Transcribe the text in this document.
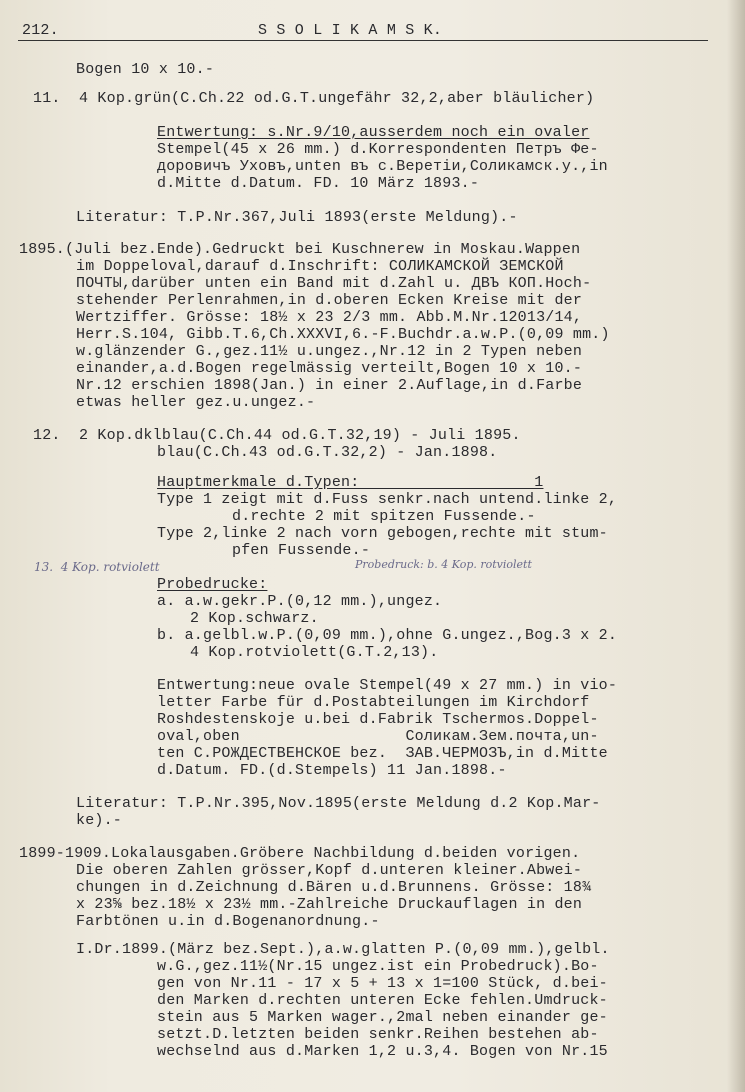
212.	S S O L I K A M S K.
Bogen 10 x 10.-
11.  4 Kop.grün(C.Ch.22 od.G.T.ungefähr 32,2,aber bläulicher)
Entwertung: s.Nr.9/10,ausserdem noch ein ovaler
Stempel(45 x 26 mm.) d.Korrespondenten Петръ Фе-
доровичъ Уховъ,unten въ с.Веретіи,Соликамск.у.,in
d.Mitte d.Datum. FD. 10 März 1893.-
Literatur: T.P.Nr.367,Juli 1893(erste Meldung).-
1895.(Juli bez.Ende).Gedruckt bei Kuschnerew in Moskau.Wappen
im Doppeloval,darauf d.Inschrift: СОЛИКАМСКОЙ ЗЕМСКОЙ
ПОЧТЫ,darüber unten ein Band mit d.Zahl u. ДВЪ КОП.Hoch-
stehender Perlenrahmen,in d.oberen Ecken Kreise mit der
Wertziffer. Grösse: 18½ x 23 2/3 mm. Abb.M.Nr.12013/14,
Herr.S.104, Gibb.T.6,Ch.XXXVI,6.-F.Buchdr.a.w.P.(0,09 mm.)
w.glänzender G.,gez.11½ u.ungez.,Nr.12 in 2 Typen neben
einander,a.d.Bogen regelmässig verteilt,Bogen 10 x 10.-
Nr.12 erschien 1898(Jan.) in einer 2.Auflage,in d.Farbe
etwas heller gez.u.ungez.-
12.  2 Kop.dklblau(C.Ch.44 od.G.T.32,19) - Juli 1895.
blau(C.Ch.43 od.G.T.32,2) - Jan.1898.
Hauptmerkmale d.Typen:                   1
Type 1 zeigt mit d.Fuss senkr.nach untend.linke 2,
d.rechte 2 mit spitzen Fussende.-
Type 2,linke 2 nach vorn gebogen,rechte mit stum-
pfen Fussende.-
13.  4 Kop. rotviolett	Probedruck: b. 4 Kop. rotviolett
Probedrucke:
a. a.w.gekr.P.(0,12 mm.),ungez.
2 Kop.schwarz.
b. a.gelbl.w.P.(0,09 mm.),ohne G.ungez.,Bog.3 x 2.
4 Kop.rotviolett(G.T.2,13).
Entwertung:neue ovale Stempel(49 x 27 mm.) in vio-
letter Farbe für d.Postabteilungen im Kirchdorf
Roshdestenskoje u.bei d.Fabrik Tschermos.Doppel-
oval,oben                  Соликам.Зем.почта,un-
ten С.РОЖДЕСТВЕНСКОЕ bez.  ЗАВ.ЧЕРМОЗЪ,in d.Mitte
d.Datum. FD.(d.Stempels) 11 Jan.1898.-
Literatur: T.P.Nr.395,Nov.1895(erste Meldung d.2 Kop.Mar-
ke).-
1899-1909.Lokalausgaben.Gröbere Nachbildung d.beiden vorigen.
Die oberen Zahlen grösser,Kopf d.unteren kleiner.Abwei-
chungen in d.Zeichnung d.Bären u.d.Brunnens. Grösse: 18¾
x 23⅝ bez.18½ x 23½ mm.-Zahlreiche Druckauflagen in den
Farbtönen u.in d.Bogenanordnung.-
I.Dr.1899.(März bez.Sept.),a.w.glatten P.(0,09 mm.),gelbl.
w.G.,gez.11½(Nr.15 ungez.ist ein Probedruck).Bo-
gen von Nr.11 - 17 x 5 + 13 x 1=100 Stück, d.bei-
den Marken d.rechten unteren Ecke fehlen.Umdruck-
stein aus 5 Marken wager.,2mal neben einander ge-
setzt.D.letzten beiden senkr.Reihen bestehen ab-
wechselnd aus d.Marken 1,2 u.3,4. Bogen von Nr.15
